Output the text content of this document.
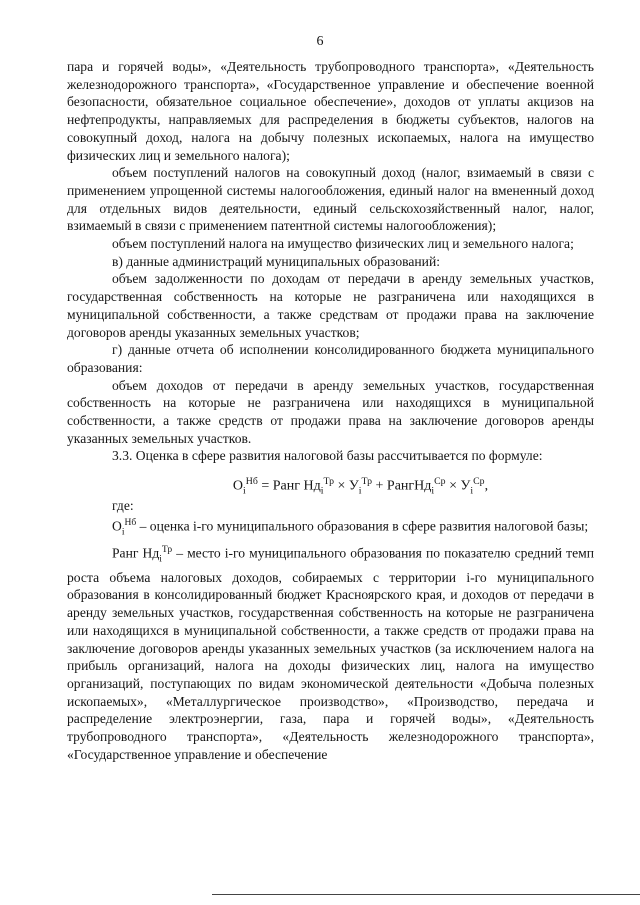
6

пара и горячей воды», «Деятельность трубопроводного транспорта», «Деятельность железнодорожного транспорта», «Государственное управление и обеспечение военной безопасности, обязательное социальное обеспечение», доходов от уплаты акцизов на нефтепродукты, направляемых для распределения в бюджеты субъектов, налогов на совокупный доход, налога на добычу полезных ископаемых, налога на имущество физических лиц и земельного налога);

объем поступлений налогов на совокупный доход (налог, взимаемый в связи с применением упрощенной системы налогообложения, единый налог на вмененный доход для отдельных видов деятельности, единый сельскохозяйственный налог, налог, взимаемый в связи с применением патентной системы налогообложения);

объем поступлений налога на имущество физических лиц и земельного налога;

в) данные администраций муниципальных образований:

объем задолженности по доходам от передачи в аренду земельных участков, государственная собственность на которые не разграничена или находящихся в муниципальной собственности, а также средствам от продажи права на заключение договоров аренды указанных земельных участков;

г) данные отчета об исполнении консолидированного бюджета муниципального образования:

объем доходов от передачи в аренду земельных участков, государственная собственность на которые не разграничена или находящихся в муниципальной собственности, а также средств от продажи права на заключение договоров аренды указанных земельных участков.

3.3. Оценка в сфере развития налоговой базы рассчитывается по формуле:

$О_i^{Нб}$ = Ранг $Нд_i^{Тр} \times У_i^{Тр}$ + РангНд$_i^{Ср}$ × $У_i^{Ср}$,

где:

$О_i^{Нб}$ – оценка i-го муниципального образования в сфере развития налоговой базы;

Ранг $Нд_i^{Тр}$ – место i-го муниципального образования по показателю средний темп роста объема налоговых доходов, собираемых с территории i-го муниципального образования в консолидированный бюджет Красноярского края, и доходов от передачи в аренду земельных участков, государственная собственность на которые не разграничена или находящихся в муниципальной собственности, а также средств от продажи права на заключение договоров аренды указанных земельных участков (за исключением налога на прибыль организаций, налога на доходы физических лиц, налога на имущество организаций, поступающих по видам экономической деятельности «Добыча полезных ископаемых», «Металлургическое производство», «Производство, передача и распределение электроэнергии, газа, пара и горячей воды», «Деятельность трубопроводного транспорта», «Деятельность железнодорожного транспорта», «Государственное управление и обеспечение
